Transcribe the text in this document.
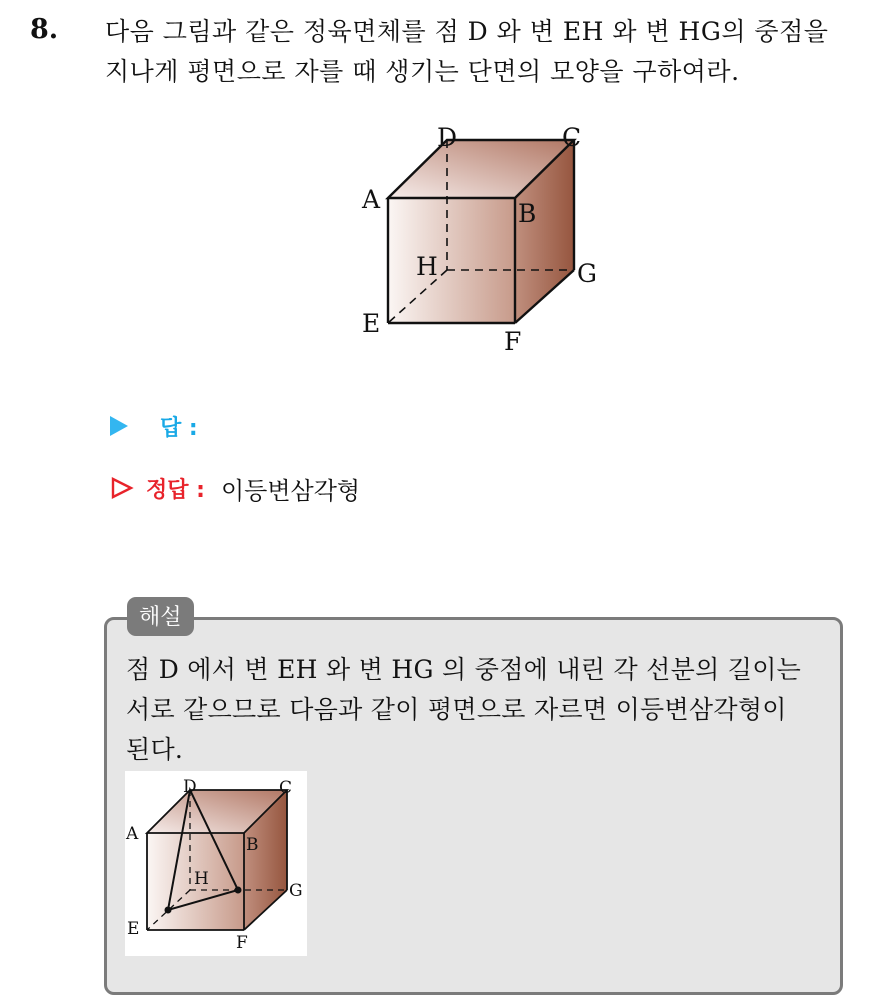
8. 다음 그림과 같은 정육면체를 점 D 와 변 EH 와 변 HG의 중점을
지나게 평면으로 자를 때 생기는 단면의 모양을 구하여라.
A	B
C
D
E
F
G
H
답 :
정답 : 이등변삼각형
해설
점 D 에서 변 EH 와 변 HG 의 중점에 내린 각 선분의 길이는
서로 같으므로 다음과 같이 평면으로 자르면 이등변삼각형이
된다.
A
B
C
D
E
F
G
H
